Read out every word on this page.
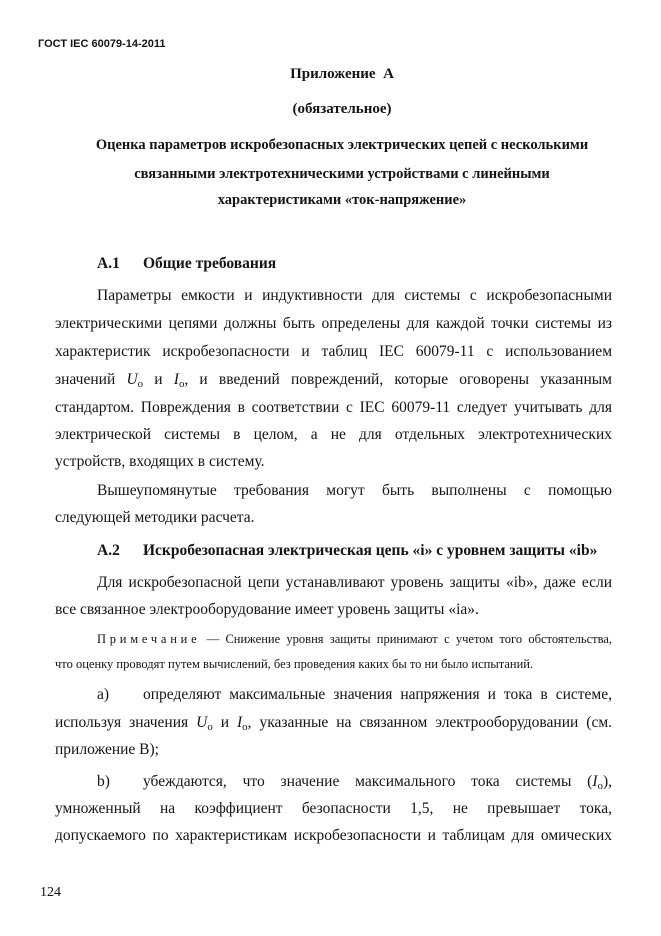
ГОСТ IEC 60079-14-2011
Приложение  А
(обязательное)
Оценка параметров искробезопасных электрических цепей с несколькими
связанными электротехническими устройствами с линейными
характеристиками «ток-напряжение»
А.1 Общие требования
Параметры емкости и индуктивности для системы с искробезопасными
электрическими цепями должны быть определены для каждой точки системы из
характеристик искробезопасности и таблиц IEC 60079-11 с использованием
значений Uo и Io, и введений повреждений, которые оговорены указанным
стандартом. Повреждения в соответствии с IEC 60079-11 следует учитывать для
электрической системы в целом, а не для отдельных электротехнических
устройств, входящих в систему.
Вышеупомянутые требования могут быть выполнены с помощью
следующей методики расчета.
А.2 Искробезопасная электрическая цепь «i» с уровнем защиты «ib»
Для искробезопасной цепи устанавливают уровень защиты «ib», даже если
все связанное электрооборудование имеет уровень защиты «ia».
Примечание — Снижение уровня защиты принимают с учетом того обстоятельства,
что оценку проводят путем вычислений, без проведения каких бы то ни было испытаний.
a) определяют максимальные значения напряжения и тока в системе,
используя значения Uo и Io, указанные на связанном электрооборудовании (см.
приложение В);
b) убеждаются, что значение максимального тока системы (Io),
умноженный на коэффициент безопасности 1,5, не превышает тока,
допускаемого по характеристикам искробезопасности и таблицам для омических
124
